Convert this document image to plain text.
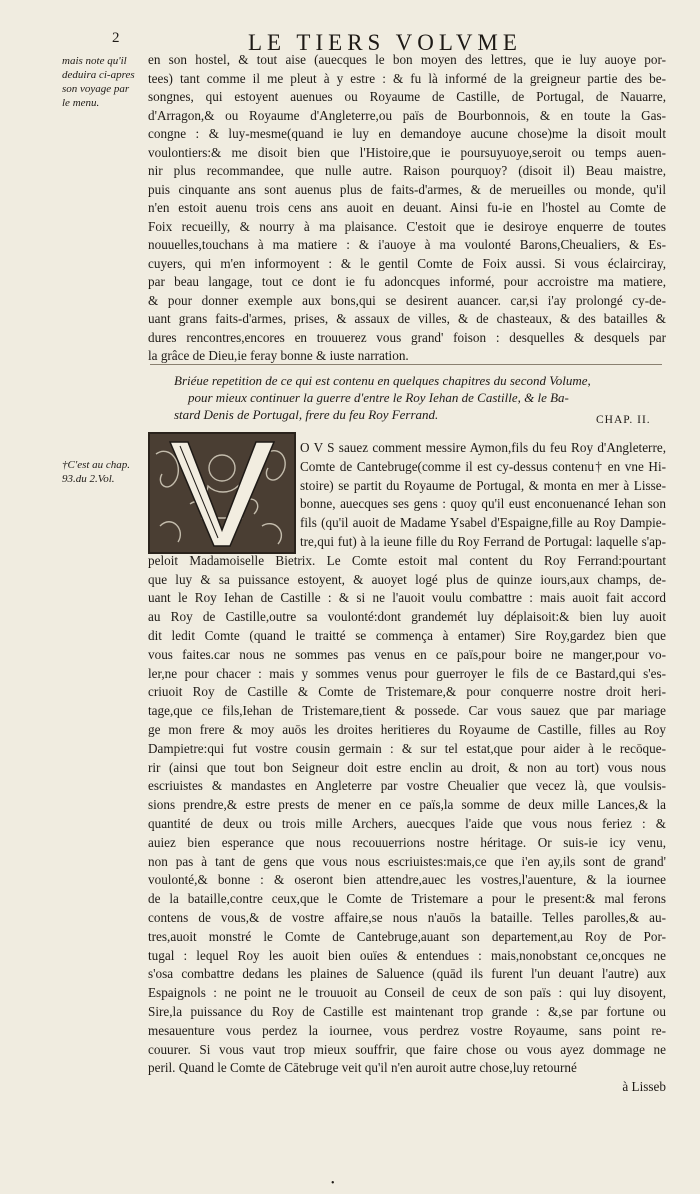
2	LE TIERS VOLVME
mais note qu'il
deduira ci-apres
son voyage par
le menu.
†C'est au chap.
93.du 2.Vol.
en son hostel, & tout aise (auecques le bon moyen des lettres, que ie luy auoye por-
tees) tant comme il me pleut à y estre : & fu là informé de la greigneur partie des be-
songnes, qui estoyent auenues ou Royaume de Castille, de Portugal, de Nauarre,
d'Arragon,& ou Royaume d'Angleterre,ou païs de Bourbonnois, & en toute la Gas-
congne : & luy-mesme(quand ie luy en demandoye aucune chose)me la disoit moult
voulontiers:& me disoit bien que l'Histoire,que ie poursuyuoye,seroit ou temps auen-
nir plus recommandee, que nulle autre. Raison pourquoy? (disoit il) Beau maistre,
puis cinquante ans sont auenus plus de faits-d'armes, & de merueilles ou monde, qu'il
n'en estoit auenu trois cens ans auoit en deuant. Ainsi fu-ie en l'hostel au Comte de
Foix recueilly, & nourry à ma plaisance. C'estoit que ie desiroye enquerre de toutes
nouuelles,touchans à ma matiere : & i'auoye à ma voulonté Barons,Cheualiers, & Es-
cuyers, qui m'en informoyent : & le gentil Comte de Foix aussi. Si vous éclairciray,
par beau langage, tout ce dont ie fu adoncques informé, pour accroistre ma matiere,
& pour donner exemple aux bons,qui se desirent auancer. car,si i'ay prolongé cy-de-
uant grans faits-d'armes, prises, & assaux de villes, & de chasteaux, & des batailles &
dures rencontres,encores en trouuerez vous grand' foison : desquelles & desquels par
la grâce de Dieu,ie feray bonne & iuste narration.
Briéue repetition de ce qui est contenu en quelques chapitres du second Volume,
pour mieux continuer la guerre d'entre le Roy Iehan de Castille, & le Ba-
stard Denis de Portugal, frere du feu Roy Ferrand.	CHAP. II.
O V S sauez comment messire Aymon,fils du feu Roy d'Angleterre,
Comte de Cantebruge(comme il est cy-dessus contenu† en vne Hi-
stoire) se partit du Royaume de Portugal, & monta en mer à Lisse-
bonne, auecques ses gens : quoy qu'il eust enconuenancé Iehan son
fils (qu'il auoit de Madame Ysabel d'Espaigne,fille au Roy Dampie-
tre,qui fut) à la ieune fille du Roy Ferrand de Portugal: laquelle s'ap-
peloit Madamoiselle Bietrix. Le Comte estoit mal content du Roy Ferrand:pourtant
que luy & sa puissance estoyent, & auoyet logé plus de quinze iours,aux champs, de-
uant le Roy Iehan de Castille : & si ne l'auoit voulu combattre : mais auoit fait accord
au Roy de Castille,outre sa voulonté:dont grandemét luy déplaisoit:& bien luy auoit
dit ledit Comte (quand le traitté se commença à entamer) Sire Roy,gardez bien que
vous faites.car nous ne sommes pas venus en ce païs,pour boire ne manger,pour vo-
ler,ne pour chacer : mais y sommes venus pour guerroyer le fils de ce Bastard,qui s'es-
criuoit Roy de Castille & Comte de Tristemare,& pour conquerre nostre droit heri-
tage,que ce fils,Iehan de Tristemare,tient & possede. Car vous sauez que par mariage
ge mon frere & moy auōs les droites heritieres du Royaume de Castille, filles au Roy
Dampietre:qui fut vostre cousin germain : & sur tel estat,que pour aider à le recōque-
rir (ainsi que tout bon Seigneur doit estre enclin au droit, & non au tort) vous nous
escriuistes & mandastes en Angleterre par vostre Cheualier que vecez là, que voulsis-
sions prendre,& estre prests de mener en ce païs,la somme de deux mille Lances,& la
quantité de deux ou trois mille Archers, auecques l'aide que vous nous feriez : &
auiez bien esperance que nous recouuerrions nostre héritage. Or suis-ie icy venu,
non pas à tant de gens que vous nous escriuistes:mais,ce que i'en ay,ils sont de grand'
voulonté,& bonne : & oseront bien attendre,auec les vostres,l'auenture, & la iournee
de la bataille,contre ceux,que le Comte de Tristemare a pour le present:& mal ferons
contens de vous,& de vostre affaire,se nous n'auōs la bataille. Telles parolles,& au-
tres,auoit monstré le Comte de Cantebruge,auant son departement,au Roy de Por-
tugal : lequel Roy les auoit bien ouïes & entendues : mais,nonobstant ce,oncques ne
s'osa combattre dedans les plaines de Saluence (quād ils furent l'un deuant l'autre) aux
Espaignols : ne point ne le trouuoit au Conseil de ceux de son païs : qui luy disoyent,
Sire,la puissance du Roy de Castille est maintenant trop grande : &,se par fortune ou
mesauenture vous perdez la iournee, vous perdrez vostre Royaume, sans point re-
couurer. Si vous vaut trop mieux souffrir, que faire chose ou vous ayez dommage ne
peril. Quand le Comte de Cātebruge veit qu'il n'en auroit autre chose,luy retourné
à Lisseb
•
